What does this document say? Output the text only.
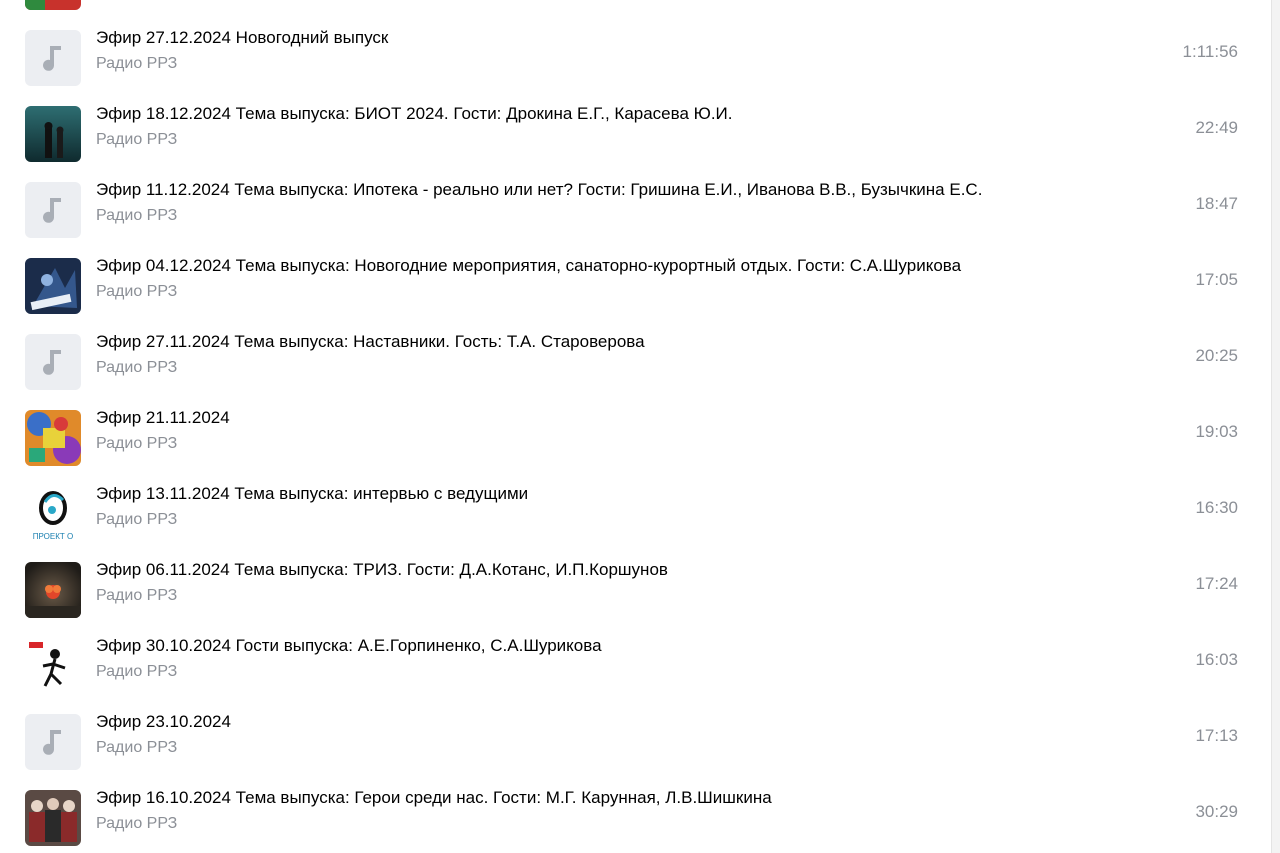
Эфир 27.12.2024 Новогодний выпуск
Радио РРЗ
1:11:56
Эфир 18.12.2024 Тема выпуска: БИОТ 2024. Гости: Дрокина Е.Г., Карасева Ю.И.
Радио РРЗ
22:49
Эфир 11.12.2024 Тема выпуска: Ипотека - реально или нет? Гости: Гришина Е.И., Иванова В.В., Бузычкина Е.С.
Радио РРЗ
18:47
Эфир 04.12.2024 Тема выпуска: Новогодние мероприятия, санаторно-курортный отдых. Гости: С.А.Шурикова
Радио РРЗ
17:05
Эфир 27.11.2024 Тема выпуска: Наставники. Гость: Т.А. Староверова
Радио РРЗ
20:25
Эфир 21.11.2024
Радио РРЗ
19:03
ПРОЕКТ О
Эфир 13.11.2024 Тема выпуска: интервью с ведущими
Радио РРЗ
16:30
Эфир 06.11.2024 Тема выпуска: ТРИЗ. Гости: Д.А.Котанс, И.П.Коршунов
Радио РРЗ
17:24
Эфир 30.10.2024 Гости выпуска: А.Е.Горпиненко, С.А.Шурикова
Радио РРЗ
16:03
Эфир 23.10.2024
Радио РРЗ
17:13
Эфир 16.10.2024 Тема выпуска: Герои среди нас. Гости: М.Г. Карунная, Л.В.Шишкина
Радио РРЗ
30:29
